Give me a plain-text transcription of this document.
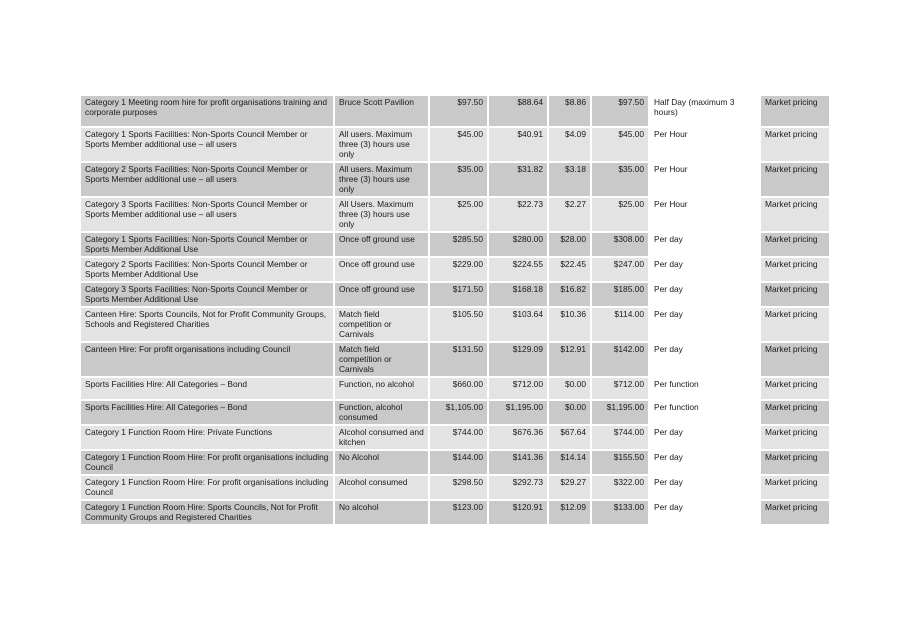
Category 1 Meeting room hire for profit organisations training and corporate purposes	Bruce Scott Pavilion	$97.50	$88.64	$8.86	$97.50	Half Day (maximum 3 hours)	Market pricing
Category 1 Sports Facilities: Non-Sports Council Member or Sports Member additional use – all users	All users. Maximum three (3) hours use only	$45.00	$40.91	$4.09	$45.00	Per Hour	Market pricing
Category 2 Sports Facilities: Non-Sports Council Member or Sports Member additional use – all users	All users. Maximum three (3) hours use only	$35.00	$31.82	$3.18	$35.00	Per Hour	Market pricing
Category 3 Sports Facilities: Non-Sports Council Member or Sports Member additional use – all users	All Users. Maximum three (3) hours use only	$25.00	$22.73	$2.27	$25.00	Per Hour	Market pricing
Category 1 Sports Facilities: Non-Sports Council Member or Sports Member Additional Use	Once off ground use	$285.50	$280.00	$28.00	$308.00	Per day	Market pricing
Category 2 Sports Facilities: Non-Sports Council Member or Sports Member Additional Use	Once off ground use	$229.00	$224.55	$22.45	$247.00	Per day	Market pricing
Category 3 Sports Facilities: Non-Sports Council Member or Sports Member Additional Use	Once off ground use	$171.50	$168.18	$16.82	$185.00	Per day	Market pricing
Canteen Hire: Sports Councils, Not for Profit Community Groups, Schools and Registered Charities	Match field competition or Carnivals	$105.50	$103.64	$10.36	$114.00	Per day	Market pricing
Canteen Hire: For profit organisations including Council	Match field competition or Carnivals	$131.50	$129.09	$12.91	$142.00	Per day	Market pricing
Sports Facilities Hire: All Categories – Bond	Function, no alcohol	$660.00	$712.00	$0.00	$712.00	Per function	Market pricing
Sports Facilities Hire: All Categories – Bond	Function, alcohol consumed	$1,105.00	$1,195.00	$0.00	$1,195.00	Per function	Market pricing
Category 1 Function Room Hire: Private Functions	Alcohol consumed and kitchen	$744.00	$676.36	$67.64	$744.00	Per day	Market pricing
Category 1 Function Room Hire: For profit organisations including Council	No Alcohol	$144.00	$141.36	$14.14	$155.50	Per day	Market pricing
Category 1 Function Room Hire: For profit organisations including Council	Alcohol consumed	$298.50	$292.73	$29.27	$322.00	Per day	Market pricing
Category 1 Function Room Hire: Sports Councils, Not for Profit Community Groups and Registered Charities	No alcohol	$123.00	$120.91	$12.09	$133.00	Per day	Market pricing
